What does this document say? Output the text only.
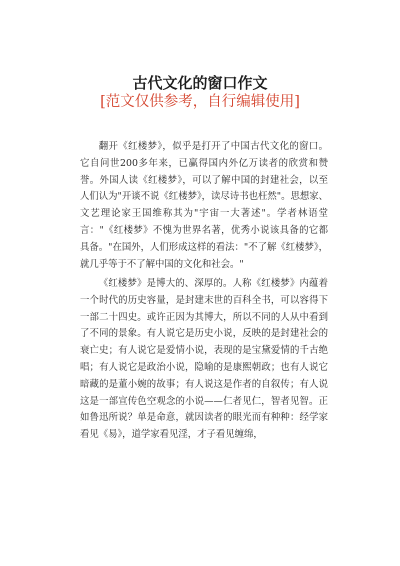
古代文化的窗口作文
[范文仅供参考，自行编辑使用]

翻开《红楼梦》，似乎是打开了中国古代文化的窗口。它自问世200多年来，已赢得国内外亿万读者的欣赏和赞誉。外国人读《红楼梦》，可以了解中国的封建社会，以至人们认为"开谈不说《红楼梦》，读尽诗书也枉然"。思想家、文艺理论家王国维称其为"宇宙一大著述"。学者林语堂言："《红楼梦》不愧为世界名著，优秀小说该具备的它都具备。"在国外，人们形成这样的看法："不了解《红楼梦》，就几乎等于不了解中国的文化和社会。"

《红楼梦》是博大的、深厚的。人称《红楼梦》内蕴着一个时代的历史容量，是封建末世的百科全书，可以容得下一部二十四史。或许正因为其博大，所以不同的人从中看到了不同的景象。有人说它是历史小说，反映的是封建社会的衰亡史；有人说它是爱情小说，表现的是宝黛爱情的千古绝唱；有人说它是政治小说，隐喻的是康熙朝政；也有人说它暗藏的是董小婉的故事；有人说这是作者的自叙传；有人说这是一部宣传色空观念的小说——仁者见仁，智者见智。正如鲁迅所说？单是命意，就因读者的眼光而有种种：经学家看见《易》，道学家看见淫，才子看见缠绵，
